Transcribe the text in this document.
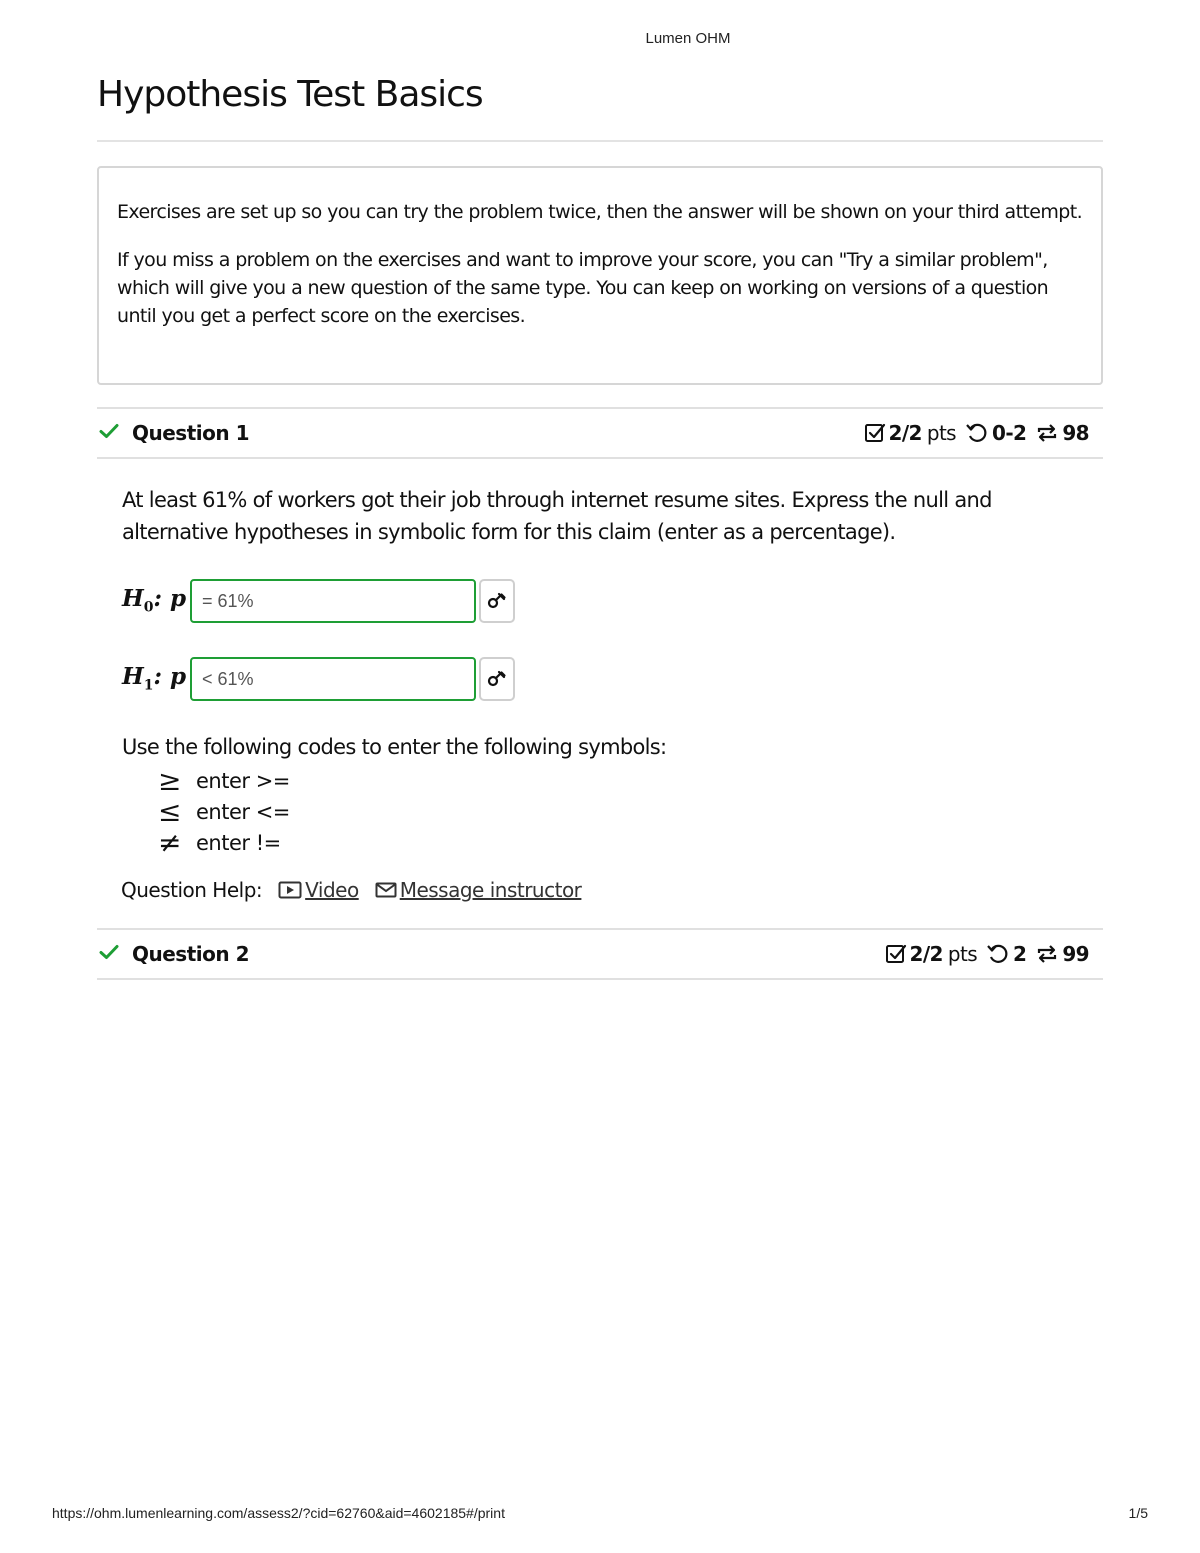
Lumen OHM
Hypothesis Test Basics

Exercises are set up so you can try the problem twice, then the answer will be shown on your third attempt.

If you miss a problem on the exercises and want to improve your score, you can "Try a similar problem", which will give you a new question of the same type. You can keep on working on versions of a question until you get a perfect score on the exercises.

Question 1	2/2 pts 0-2 98
At least 61% of workers got their job through internet resume sites. Express the null and alternative hypotheses in symbolic form for this claim (enter as a percentage).
$H_0$: p
= 61%
$H_1$: p
< 61%
Use the following codes to enter the following symbols:
≥ enter >=
≤ enter <=
≠ enter !=
Question Help: Video Message instructor
Question 2	2/2 pts 2 99
https://ohm.lumenlearning.com/assess2/?cid=62760&aid=4602185#/print	1/5
